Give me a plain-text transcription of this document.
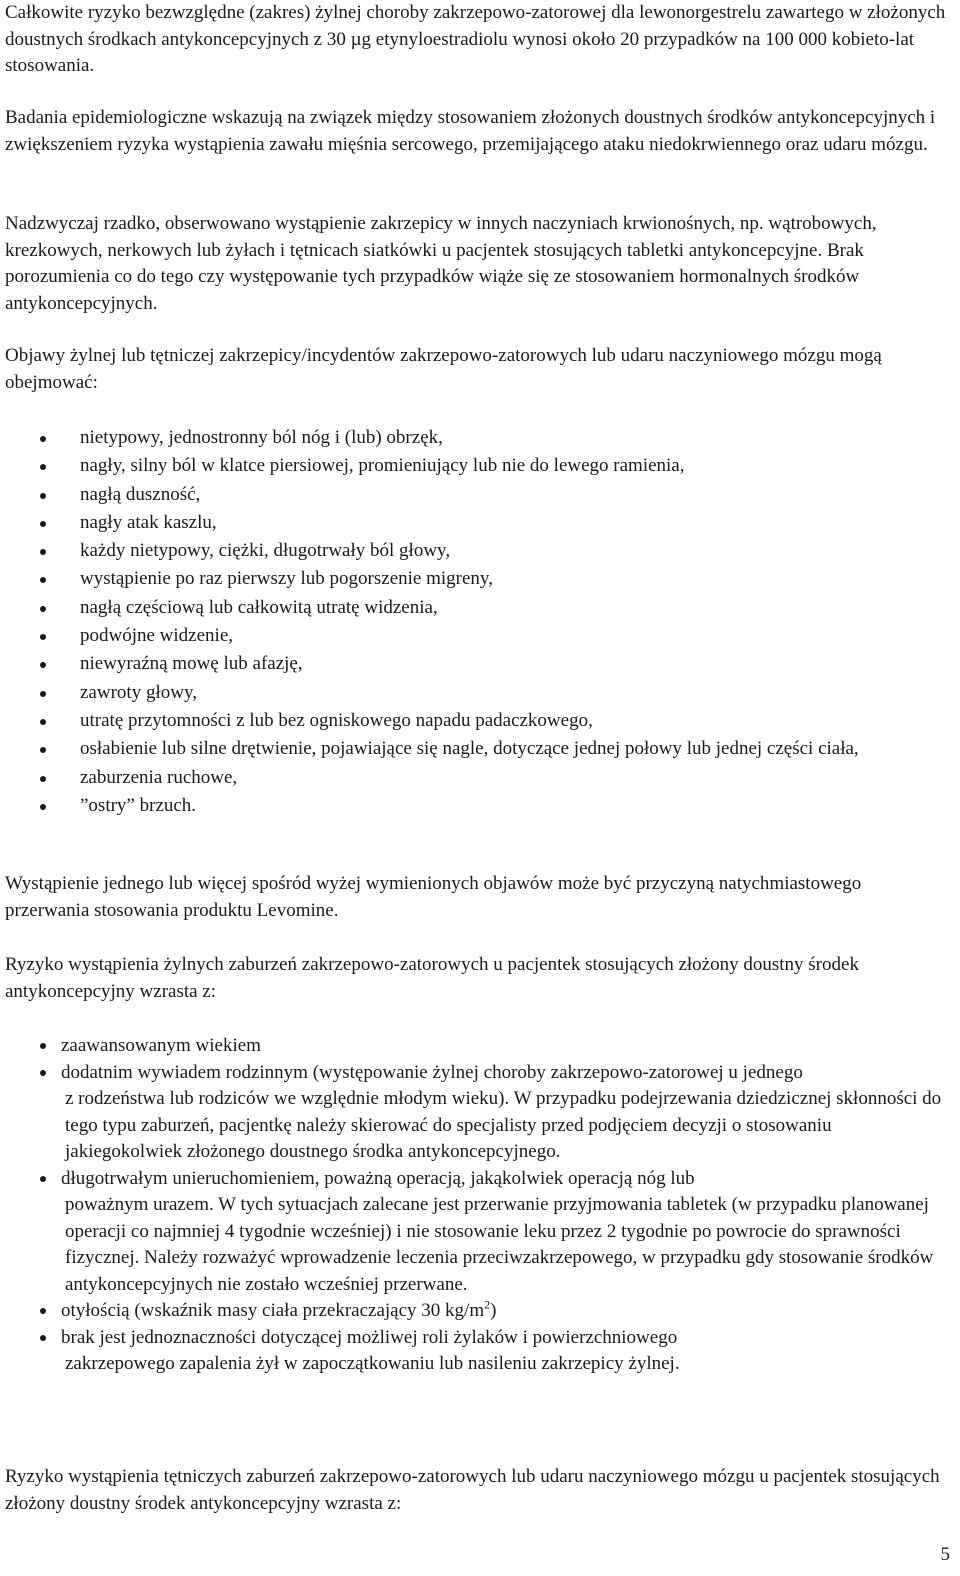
Całkowite ryzyko bezwzględne (zakres) żylnej choroby zakrzepowo-zatorowej dla lewonorgestrelu zawartego w złożonych doustnych środkach antykoncepcyjnych z 30 µg etynyloestradiolu wynosi około 20 przypadków na 100 000 kobieto-lat stosowania.

Badania epidemiologiczne wskazują na związek między stosowaniem złożonych doustnych środków antykoncepcyjnych i zwiększeniem ryzyka wystąpienia zawału mięśnia sercowego, przemijającego ataku niedokrwiennego oraz udaru mózgu.

Nadzwyczaj rzadko, obserwowano wystąpienie zakrzepicy w innych naczyniach krwionośnych, np. wątrobowych, krezkowych, nerkowych lub żyłach i tętnicach siatkówki u pacjentek stosujących tabletki antykoncepcyjne. Brak porozumienia co do tego czy występowanie tych przypadków wiąże się ze stosowaniem hormonalnych środków antykoncepcyjnych.

Objawy żylnej lub tętniczej zakrzepicy/incydentów zakrzepowo-zatorowych lub udaru naczyniowego mózgu mogą obejmować:

nietypowy, jednostronny ból nóg i (lub) obrzęk,
nagły, silny ból w klatce piersiowej, promieniujący lub nie do lewego ramienia,
nagłą duszność,
nagły atak kaszlu,
każdy nietypowy, ciężki, długotrwały ból głowy,
wystąpienie po raz pierwszy lub pogorszenie migreny,
nagłą częściową lub całkowitą utratę widzenia,
podwójne widzenie,
niewyraźną mowę lub afazję,
zawroty głowy,
utratę przytomności z lub bez ogniskowego napadu padaczkowego,
osłabienie lub silne drętwienie, pojawiające się nagle, dotyczące jednej połowy lub jednej części ciała,
zaburzenia ruchowe,
”ostry” brzuch.

Wystąpienie jednego lub więcej spośród wyżej wymienionych objawów może być przyczyną natychmiastowego przerwania stosowania produktu Levomine.

Ryzyko wystąpienia żylnych zaburzeń zakrzepowo-zatorowych u pacjentek stosujących złożony doustny środek antykoncepcyjny wzrasta z:

zaawansowanym wiekiem
dodatnim wywiadem rodzinnym (występowanie żylnej choroby zakrzepowo-zatorowej u jednego
z rodzeństwa lub rodziców we względnie młodym wieku). W przypadku podejrzewania dziedzicznej skłonności do tego typu zaburzeń, pacjentkę należy skierować do specjalisty przed podjęciem decyzji o stosowaniu jakiegokolwiek złożonego doustnego środka antykoncepcyjnego.
długotrwałym unieruchomieniem, poważną operacją, jakąkolwiek operacją nóg lub
poważnym urazem. W tych sytuacjach zalecane jest przerwanie przyjmowania tabletek (w przypadku planowanej operacji co najmniej 4 tygodnie wcześniej) i nie stosowanie leku przez 2 tygodnie po powrocie do sprawności fizycznej. Należy rozważyć wprowadzenie leczenia przeciwzakrzepowego, w przypadku gdy stosowanie środków antykoncepcyjnych nie zostało wcześniej przerwane.
otyłością (wskaźnik masy ciała przekraczający 30 $kg/m^2$)
brak jest jednoznaczności dotyczącej możliwej roli żylaków i powierzchniowego
zakrzepowego zapalenia żył w zapoczątkowaniu lub nasileniu zakrzepicy żylnej.

Ryzyko wystąpienia tętniczych zaburzeń zakrzepowo-zatorowych lub udaru naczyniowego mózgu u pacjentek stosujących złożony doustny środek antykoncepcyjny wzrasta z:

5
